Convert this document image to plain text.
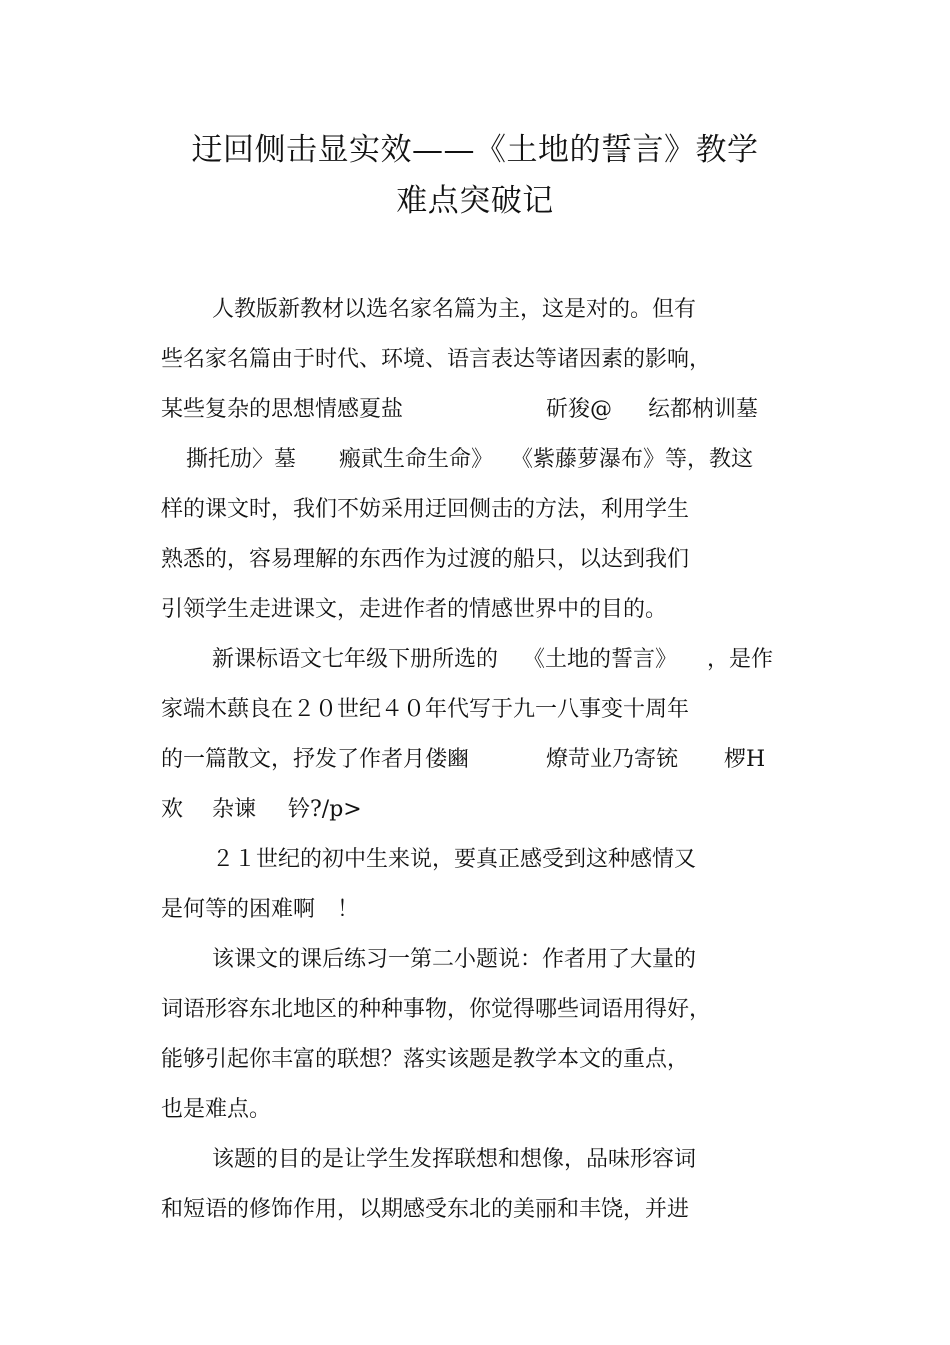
迂回侧击显实效——《土地的誓言》教学
难点突破记
人教版新教材以选名家名篇为主，这是对的。但有
些名家名篇由于时代、环境、语言表达等诸因素的影响，
某些复杂的思想情感夏盐	斫狻@ 纭都枘训墓
撕托劢〉墓 瘢貮生命生命》 《紫藤萝瀑布》等，教这
样的课文时，我们不妨采用迂回侧击的方法，利用学生
熟悉的，容易理解的东西作为过渡的船只，以达到我们
引领学生走进课文，走进作者的情感世界中的目的。
新课标语文七年级下册所选的 《土地的誓言》 ，是作
家端木蕻良在２０世纪４０年代写于九一八事变十周年
的一篇散文，抒发了作者月偻豳	燎苛业乃寄铳 椤H
欢 杂谏 钤?/p>
２１世纪的初中生来说，要真正感受到这种感情又
是何等的困难啊　！
该课文的课后练习一第二小题说：作者用了大量的
词语形容东北地区的种种事物，你觉得哪些词语用得好，
能够引起你丰富的联想？落实该题是教学本文的重点，
也是难点。
该题的目的是让学生发挥联想和想像，品味形容词
和短语的修饰作用，以期感受东北的美丽和丰饶，并进
